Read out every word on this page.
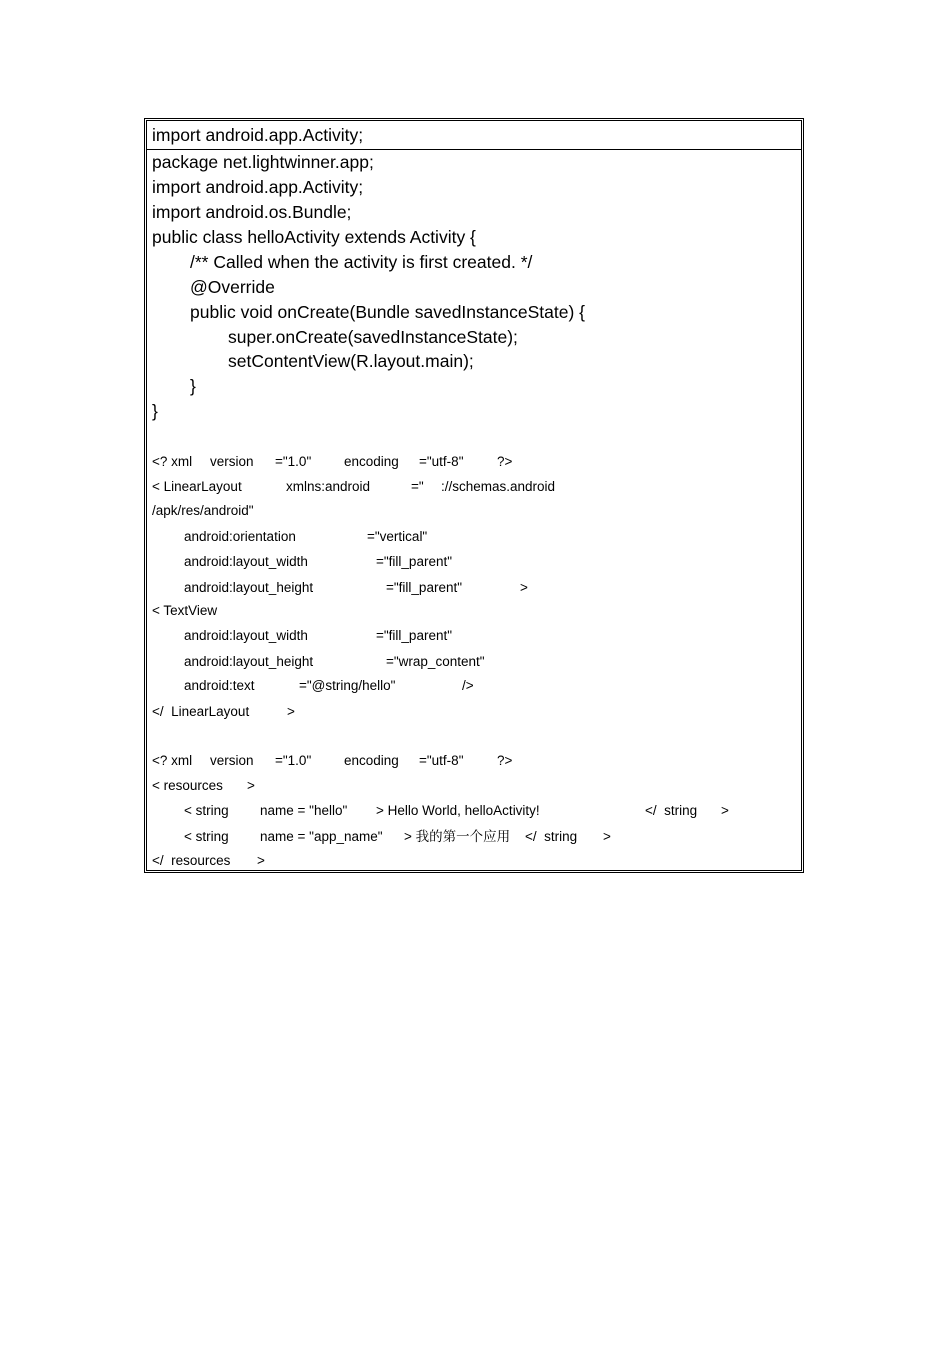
import android.app.Activity;
package net.lightwinner.app;
import android.app.Activity;
import android.os.Bundle;
public class helloActivity extends Activity {
/** Called when the activity is first created. */
@Override
public void onCreate(Bundle savedInstanceState) {
super.onCreate(savedInstanceState);
setContentView(R.layout.main);
}
}
<? xml version ="1.0" encoding ="utf-8" ?>
< LinearLayout	xmlns:android	=" ://schemas.android
/apk/res/android"
android:orientation	="vertical"
android:layout_width	="fill_parent"
android:layout_height	="fill_parent"	>
< TextView
android:layout_width	="fill_parent"
android:layout_height	="wrap_content"
android:text	="@string/hello"	/>
</  LinearLayout	>
<? xml version ="1.0" encoding ="utf-8" ?>
< resources >
< string name = "hello" > Hello World, helloActivity!	</  string >
< string name = "app_name" > 我的第一个应用 </  string >
</  resources >
